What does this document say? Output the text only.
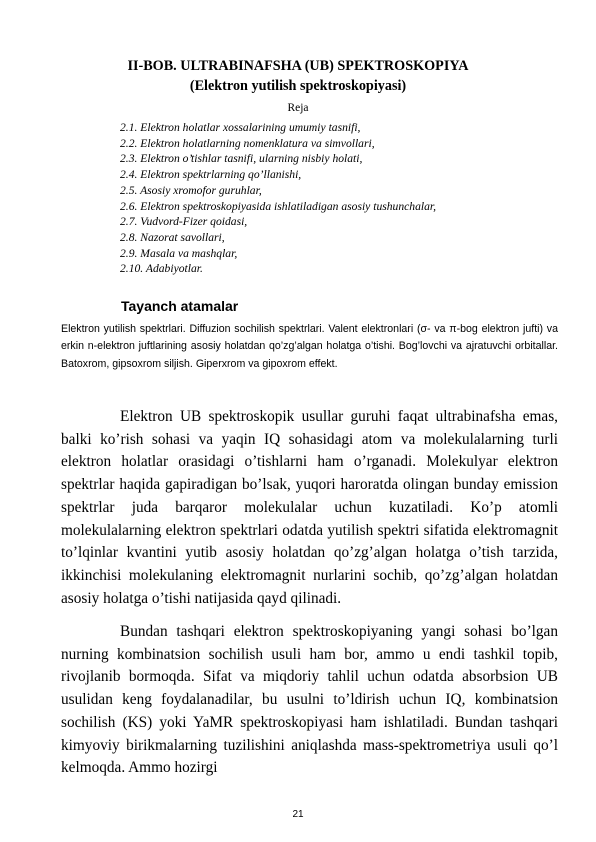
II-BOB. ULTRABINAFSHA (UB) SPEKTROSKOPIYA
(Elektron yutilish spektroskopiyasi)
Reja
2.1. Elektron holatlar xossalarining umumiy tasnifi,
2.2. Elektron holatlarning nomenklatura va simvollari,
2.3. Elektron o’tishlar tasnifi, ularning nisbiy holati,
2.4. Elektron spektrlarning qo’llanishi,
2.5. Asosiy xromofor guruhlar,
2.6. Elektron spektroskopiyasida ishlatiladigan asosiy tushunchalar,
2.7. Vudvord-Fizer qoidasi,
2.8. Nazorat savollari,
2.9. Masala va mashqlar,
2.10. Adabiyotlar.
Tayanch atamalar

Elektron yutilish spektrlari. Diffuzion sochilish spektrlari. Valent elektronlari (σ- va π-bog elektron jufti) va erkin n-elektron juftlarining asosiy holatdan qo’zg’algan holatga o’tishi. Bog’lovchi va ajratuvchi orbitallar. Batoxrom, gipsoxrom siljish. Giperxrom va gipoxrom effekt.

Elektron UB spektroskopik usullar guruhi faqat ultrabinafsha emas, balki ko’rish sohasi va yaqin IQ sohasidagi atom va molekulalarning turli elektron holatlar orasidagi o’tishlarni ham o’rganadi. Molekulyar elektron spektrlar haqida gapiradigan bo’lsak, yuqori haroratda olingan bunday emission spektrlar juda barqaror molekulalar uchun kuzatiladi. Ko’p atomli molekulalarning elektron spektrlari odatda yutilish spektri sifatida elektromagnit to’lqinlar kvantini yutib asosiy holatdan qo’zg’algan holatga o’tish tarzida, ikkinchisi molekulaning elektromagnit nurlarini sochib, qo’zg’algan holatdan asosiy holatga o’tishi natijasida qayd qilinadi.

Bundan tashqari elektron spektroskopiyaning yangi sohasi bo’lgan nurning kombinatsion sochilish usuli ham bor, ammo u endi tashkil topib, rivojlanib bormoqda. Sifat va miqdoriy tahlil uchun odatda absorbsion UB usulidan keng foydalanadilar, bu usulni to’ldirish uchun IQ, kombinatsion sochilish (KS) yoki YaMR spektroskopiyasi ham ishlatiladi. Bundan tashqari kimyoviy birikmalarning tuzilishini aniqlashda mass-spektrometriya usuli qo’l kelmoqda. Ammo hozirgi

21
